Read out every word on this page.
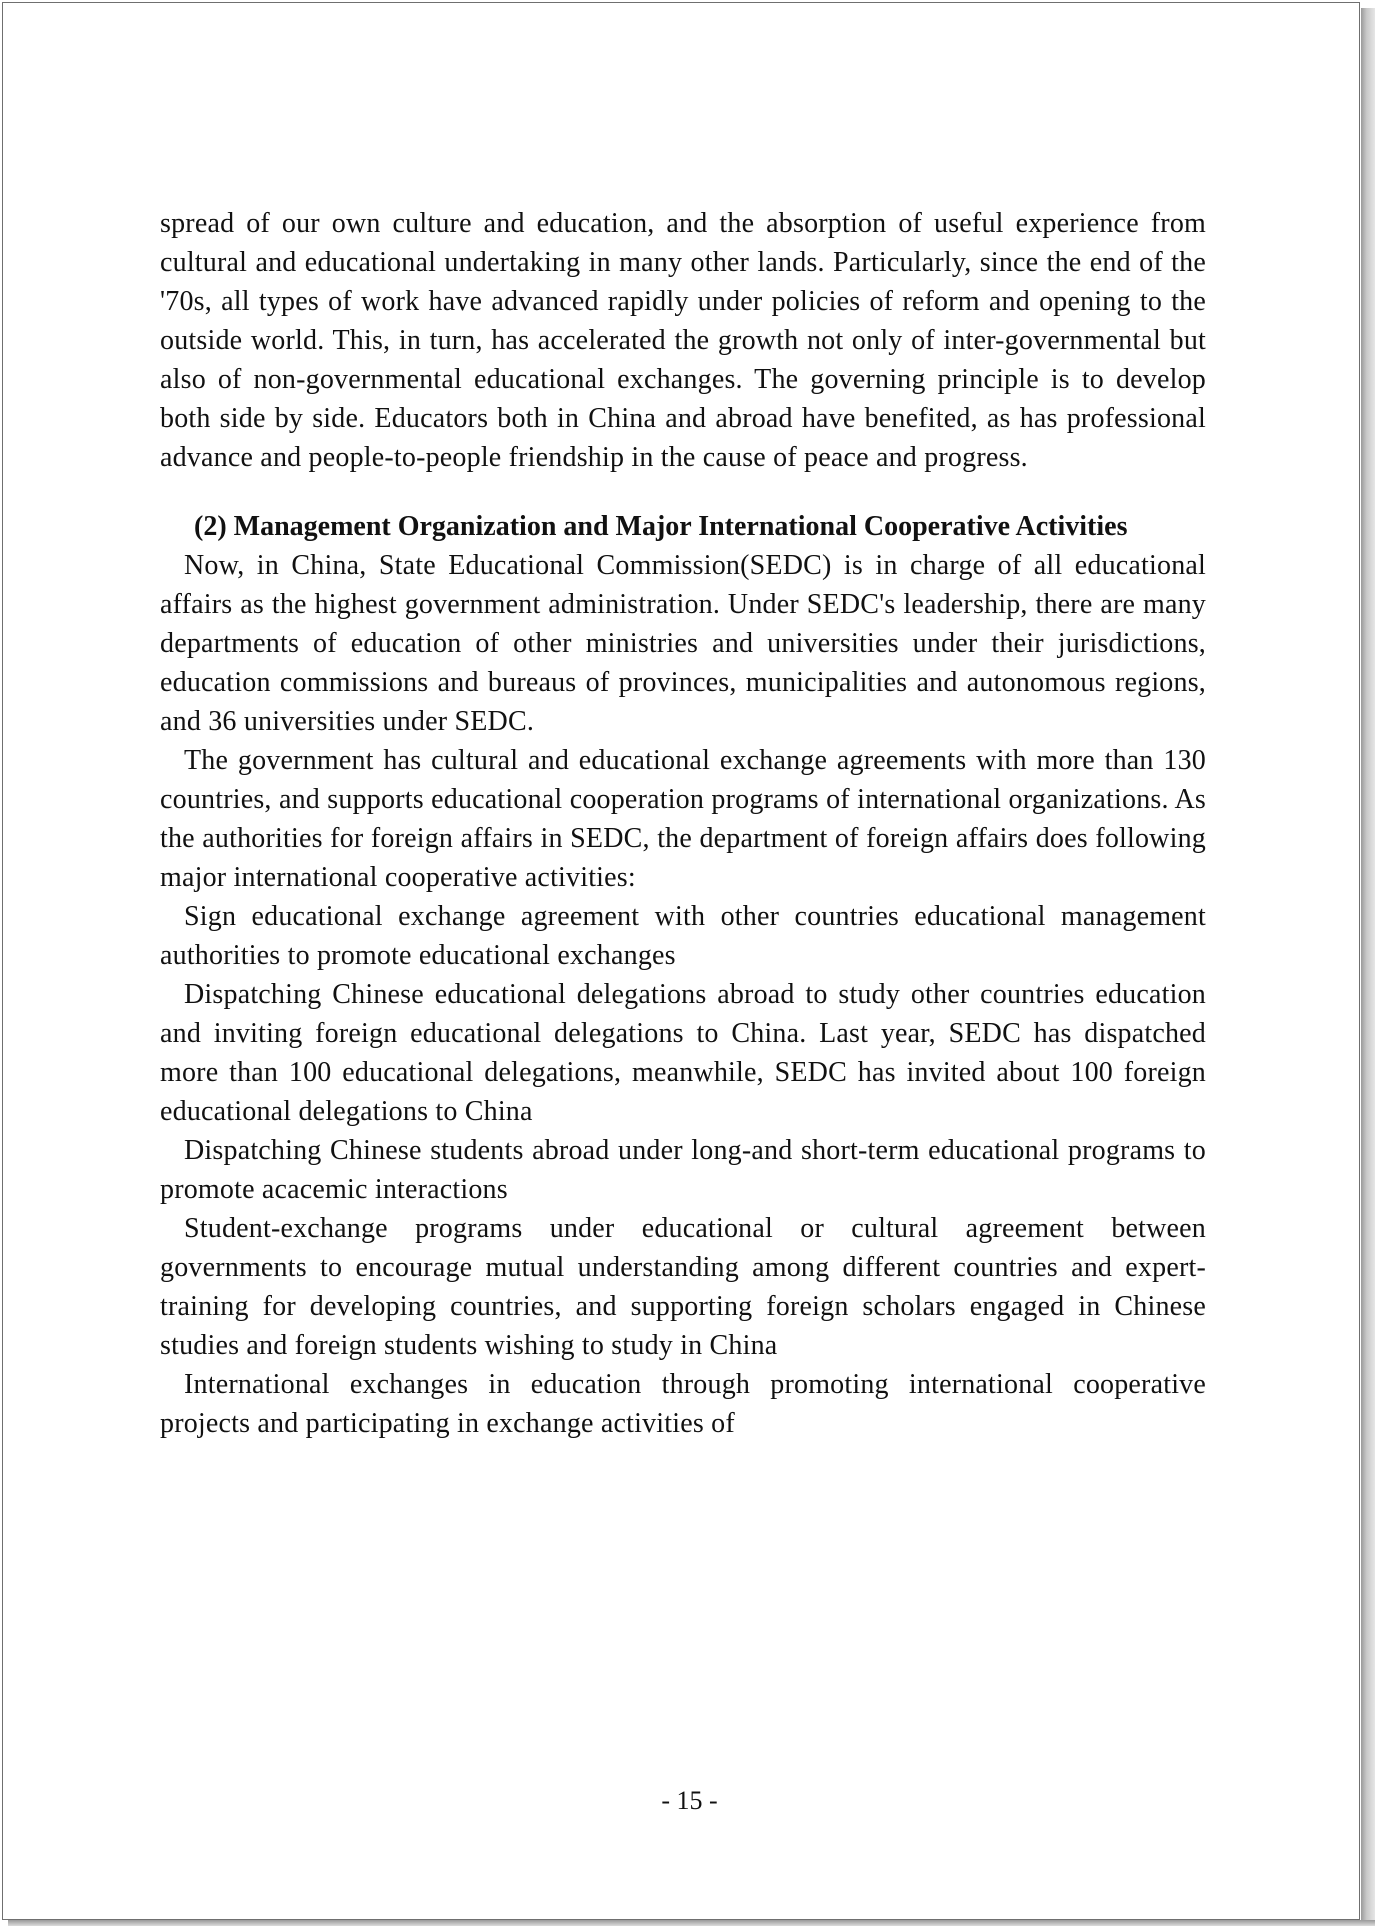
spread of our own culture and education, and the absorption of useful experience from cultural and educational undertaking in many other lands. Particularly, since the end of the '70s, all types of work have advanced rapidly under policies of reform and opening to the outside world. This, in turn, has accelerated the growth not only of inter-governmental but also of non-governmental educational exchanges. The governing principle is to develop both side by side. Educators both in China and abroad have benefited, as has professional advance and people-to-people friendship in the cause of peace and progress.

(2) Management Organization and Major International Cooperative Activities

Now, in China, State Educational Commission(SEDC) is in charge of all educational affairs as the highest government administration. Under SEDC's leadership, there are many departments of education of other ministries and universities under their jurisdictions, education commissions and bureaus of provinces, municipalities and autonomous regions, and 36 universities under SEDC.

The government has cultural and educational exchange agreements with more than 130 countries, and supports educational cooperation programs of international organizations. As the authorities for foreign affairs in SEDC, the department of foreign affairs does following major international cooperative activities:

Sign educational exchange agreement with other countries educational management authorities to promote educational exchanges

Dispatching Chinese educational delegations abroad to study other countries education and inviting foreign educational delegations to China. Last year, SEDC has dispatched more than 100 educational delegations, meanwhile, SEDC has invited about 100 foreign educational delegations to China

Dispatching Chinese students abroad under long-and short-term educational programs to promote acacemic interactions

Student-exchange programs under educational or cultural agreement between governments to encourage mutual understanding among different countries and expert-training for developing countries, and supporting foreign scholars engaged in Chinese studies and foreign students wishing to study in China

International exchanges in education through promoting international cooperative projects and participating in exchange activities of

- 15 -
